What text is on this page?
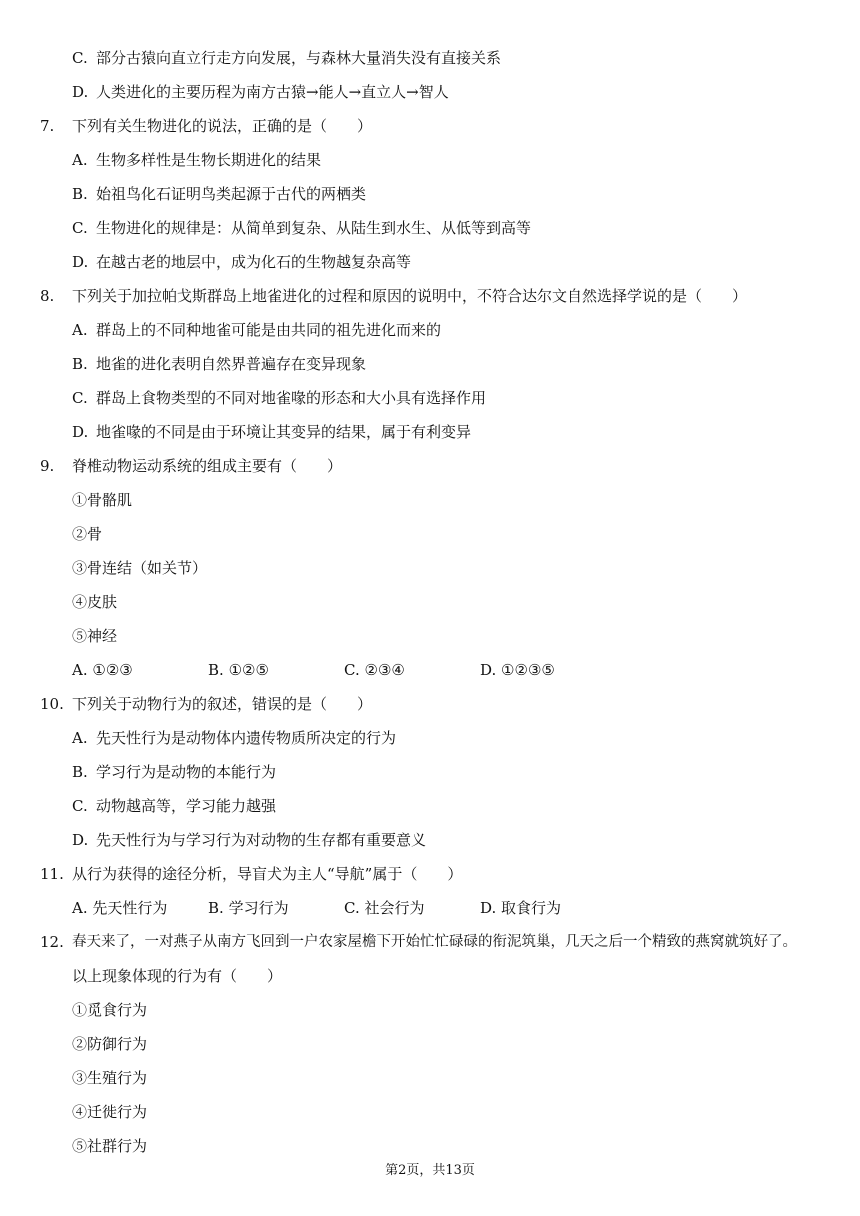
C. 部分古猿向直立行走方向发展，与森林大量消失没有直接关系
D. 人类进化的主要历程为南方古猿→能人→直立人→智人
7. 下列有关生物进化的说法，正确的是（　　）
A. 生物多样性是生物长期进化的结果
B. 始祖鸟化石证明鸟类起源于古代的两栖类
C. 生物进化的规律是：从简单到复杂、从陆生到水生、从低等到高等
D. 在越古老的地层中，成为化石的生物越复杂高等
8. 下列关于加拉帕戈斯群岛上地雀进化的过程和原因的说明中，不符合达尔文自然选择学说的是（　　）
A. 群岛上的不同种地雀可能是由共同的祖先进化而来的
B. 地雀的进化表明自然界普遍存在变异现象
C. 群岛上食物类型的不同对地雀喙的形态和大小具有选择作用
D. 地雀喙的不同是由于环境让其变异的结果，属于有利变异
9. 脊椎动物运动系统的组成主要有（　　）
①骨骼肌
②骨
③骨连结（如关节）
④皮肤
⑤神经
A. ①②③	B. ①②⑤	C. ②③④	D. ①②③⑤
10. 下列关于动物行为的叙述，错误的是（　　）
A. 先天性行为是动物体内遗传物质所决定的行为
B. 学习行为是动物的本能行为
C. 动物越高等，学习能力越强
D. 先天性行为与学习行为对动物的生存都有重要意义
11. 从行为获得的途径分析，导盲犬为主人“导航”属于（　　）
A. 先天性行为	B. 学习行为	C. 社会行为	D. 取食行为
12. 春天来了，一对燕子从南方飞回到一户农家屋檐下开始忙忙碌碌的衔泥筑巢，几天之后一个精致的燕窝就筑好了。
以上现象体现的行为有（　　）
①觅食行为
②防御行为
③生殖行为
④迁徙行为
⑤社群行为
第2页，共13页
